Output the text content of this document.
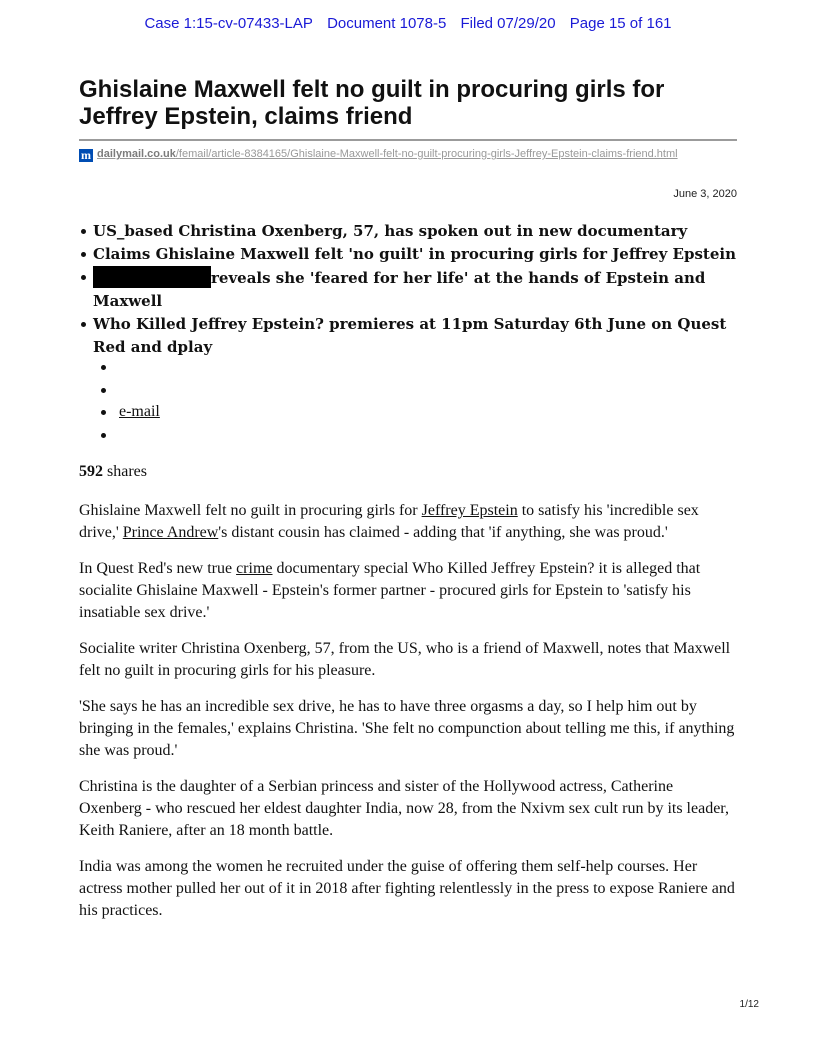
Case 1:15-cv-07433-LAP Document 1078-5 Filed 07/29/20 Page 15 of 161
Ghislaine Maxwell felt no guilt in procuring girls for Jeffrey Epstein, claims friend
m dailymail.co.uk/femail/article-8384165/Ghislaine-Maxwell-felt-no-guilt-procuring-girls-Jeffrey-Epstein-claims-friend.html
June 3, 2020
US_based Christina Oxenberg, 57, has spoken out in new documentary
Claims Ghislaine Maxwell felt 'no guilt' in procuring girls for Jeffrey Epstein
reveals she 'feared for her life' at the hands of Epstein and Maxwell
Who Killed Jeffrey Epstein? premieres at 11pm Saturday 6th June on Quest Red and dplay
e-mail
592 shares

Ghislaine Maxwell felt no guilt in procuring girls for Jeffrey Epstein to satisfy his 'incredible sex drive,' Prince Andrew's distant cousin has claimed - adding that 'if anything, she was proud.'

In Quest Red's new true crime documentary special Who Killed Jeffrey Epstein? it is alleged that socialite Ghislaine Maxwell - Epstein's former partner - procured girls for Epstein to 'satisfy his insatiable sex drive.'

Socialite writer Christina Oxenberg, 57, from the US, who is a friend of Maxwell, notes that Maxwell felt no guilt in procuring girls for his pleasure.

'She says he has an incredible sex drive, he has to have three orgasms a day, so I help him out by bringing in the females,' explains Christina. 'She felt no compunction about telling me this, if anything she was proud.'

Christina is the daughter of a Serbian princess and sister of the Hollywood actress, Catherine Oxenberg - who rescued her eldest daughter India, now 28, from the Nxivm sex cult run by its leader, Keith Raniere, after an 18 month battle.

India was among the women he recruited under the guise of offering them self-help courses. Her actress mother pulled her out of it in 2018 after fighting relentlessly in the press to expose Raniere and his practices.

1/12
